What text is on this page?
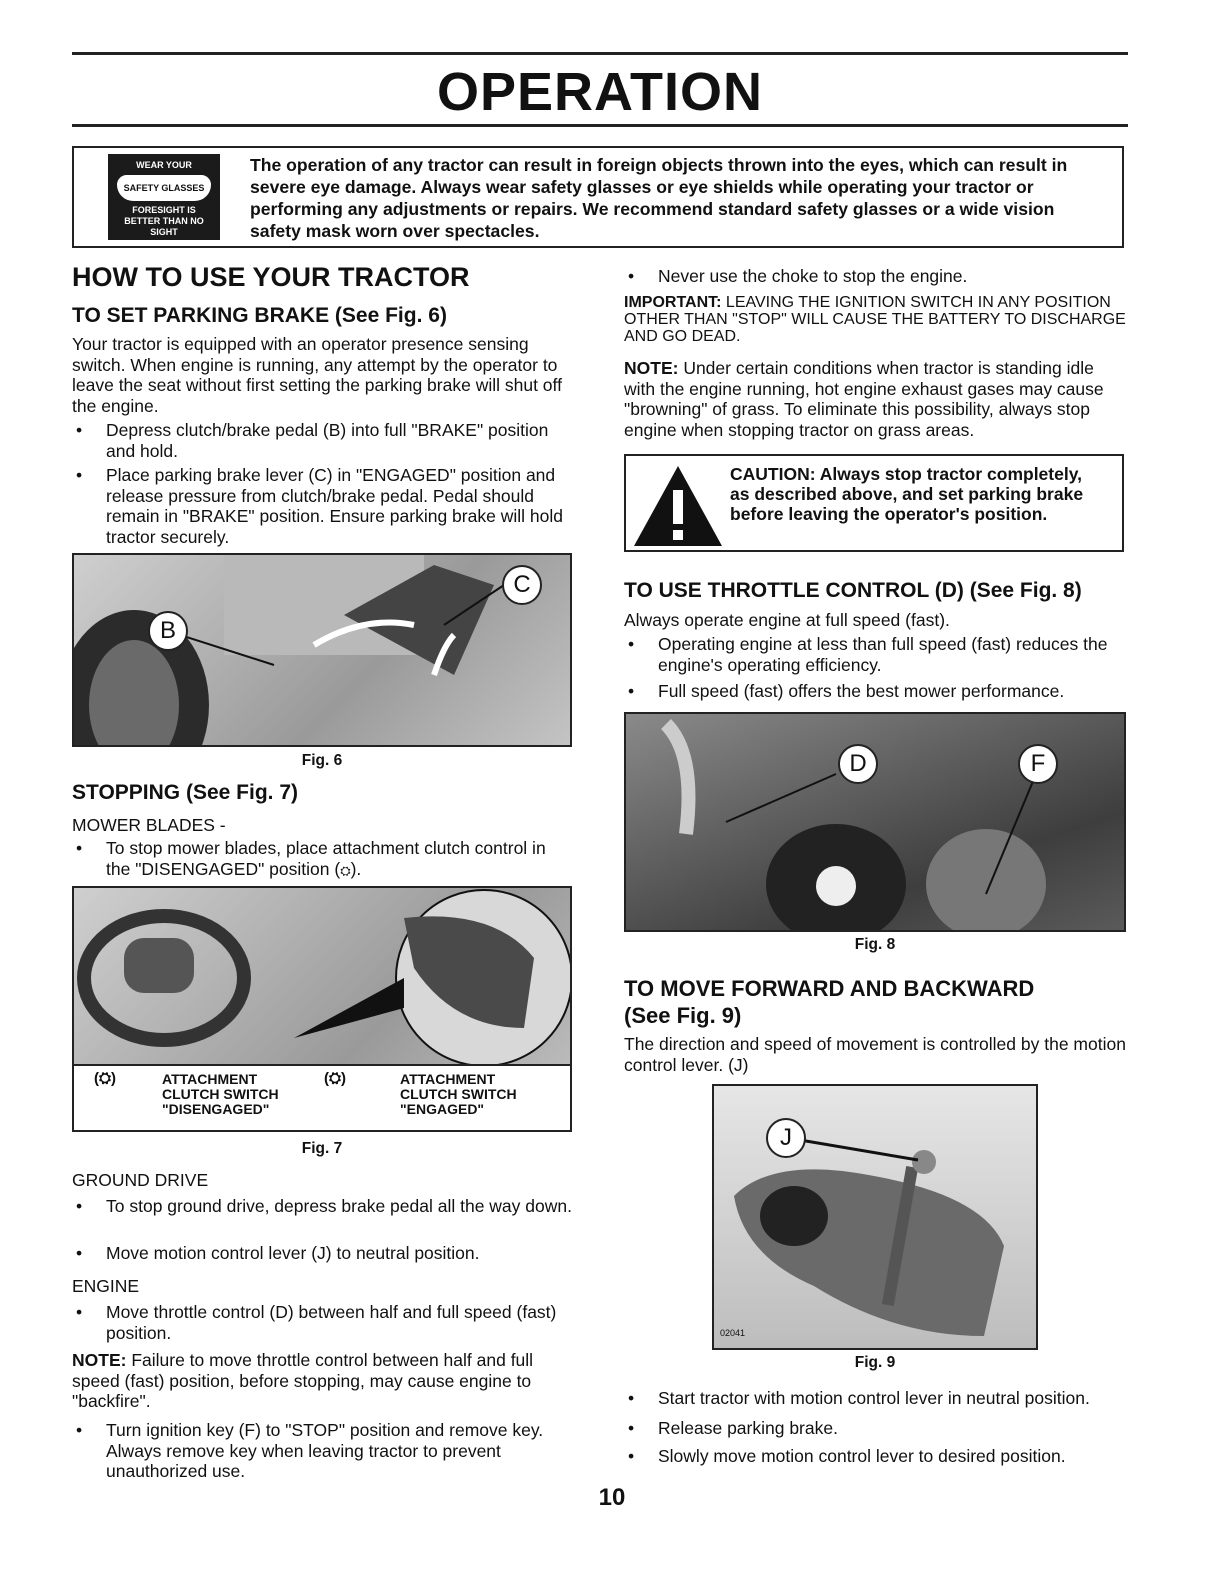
OPERATION
WEAR YOUR
SAFETY GLASSES
FORESIGHT IS BETTER THAN NO SIGHT
The operation of any tractor can result in foreign objects thrown into the eyes, which can result in severe eye damage. Always wear safety glasses or eye shields while operating your tractor or performing any adjustments or repairs. We recommend standard safety glasses or a wide vision safety mask worn over spectacles.
HOW TO USE YOUR TRACTOR
TO SET PARKING BRAKE (See Fig. 6)

Your tractor is equipped with an operator presence sensing switch. When engine is running, any attempt by the operator to leave the seat without first setting the parking brake will shut off the engine.

• Depress clutch/brake pedal (B) into full "BRAKE" position and hold.

• Place parking brake lever (C) in "ENGAGED" position and release pressure from clutch/brake pedal. Pedal should remain in "BRAKE" position. Ensure parking brake will hold tractor securely.

B
C
Fig. 6
STOPPING (See Fig. 7)

MOWER BLADES -

• To stop mower blades, place attachment clutch control in the "DISENGAGED" position (⛭).

(⛭)	ATTACHMENT
CLUTCH SWITCH
"DISENGAGED"
(⛭)	ATTACHMENT
CLUTCH SWITCH
"ENGAGED"
Fig. 7

GROUND DRIVE

• To stop ground drive, depress brake pedal all the way down.

• Move motion control lever (J) to neutral position.

ENGINE

• Move throttle control (D) between half and full speed (fast) position.

NOTE: Failure to move throttle control between half and full speed (fast) position, before stopping, may cause engine to "backfire".

• Turn ignition key (F) to "STOP" position and remove key. Always remove key when leaving tractor to prevent unauthorized use.

• Never use the choke to stop the engine.

IMPORTANT: LEAVING THE IGNITION SWITCH IN ANY POSITION OTHER THAN "STOP" WILL CAUSE THE BATTERY TO DISCHARGE AND GO DEAD.

NOTE: Under certain conditions when tractor is standing idle with the engine running, hot engine exhaust gases may cause "browning" of grass. To eliminate this possibility, always stop engine when stopping tractor on grass areas.

CAUTION: Always stop tractor completely, as described above, and set parking brake before leaving the operator's position.
TO USE THROTTLE CONTROL (D) (See Fig. 8)

Always operate engine at full speed (fast).

• Operating engine at less than full speed (fast) reduces the engine's operating efficiency.

• Full speed (fast) offers the best mower performance.

D	F
Fig. 8
TO MOVE FORWARD AND BACKWARD
(See Fig. 9)

The direction and speed of movement is controlled by the motion control lever. (J)

J
02041
Fig. 9

• Start tractor with motion control lever in neutral position.

• Release parking brake.

• Slowly move motion control lever to desired position.

10
